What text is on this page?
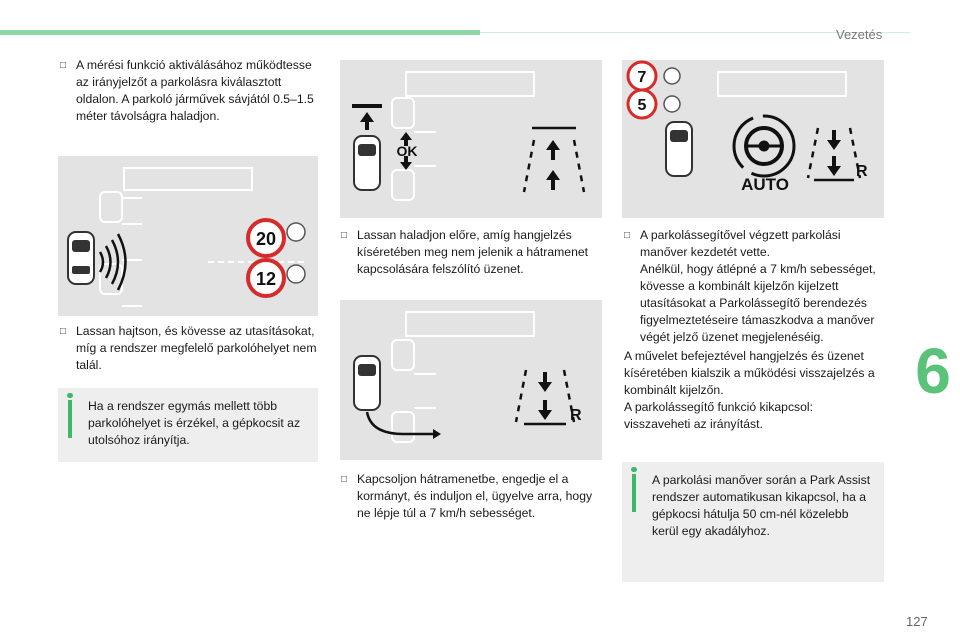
Vezetés
6
127
□ A mérési funkció aktiválásához működtesse az irányjelzőt a parkolásra kiválasztott oldalon. A parkoló járművek sávjától 0.5–1.5 méter távolságra haladjon.
20
12
□ Lassan hajtson, és kövesse az utasításokat, míg a rendszer megfelelő parkolóhelyet nem talál.
Ha a rendszer egymás mellett több parkolóhelyet is érzékel, a gépkocsit az utolsóhoz irányítja.
OK
□ Lassan haladjon előre, amíg hangjelzés kíséretében meg nem jelenik a hátramenet kapcsolására felszólító üzenet.
R
□ Kapcsoljon hátramenetbe, engedje el a kormányt, és induljon el, ügyelve arra, hogy ne lépje túl a 7 km/h sebességet.
7
5
AUTO
R
□ A parkolássegítővel végzett parkolási manőver kezdetét vette.
Anélkül, hogy átlépné a 7 km/h sebességet, kövesse a kombinált kijelzőn kijelzett utasításokat a Parkolássegítő berendezés figyelmeztetéseire támaszkodva a manőver végét jelző üzenet megjelenéséig.
A művelet befejeztével hangjelzés és üzenet kíséretében kialszik a működési visszajelzés a kombinált kijelzőn.
A parkolássegítő funkció kikapcsol: visszaveheti az irányítást.
A parkolási manőver során a Park Assist rendszer automatikusan kikapcsol, ha a gépkocsi hátulja 50 cm-nél közelebb kerül egy akadályhoz.
